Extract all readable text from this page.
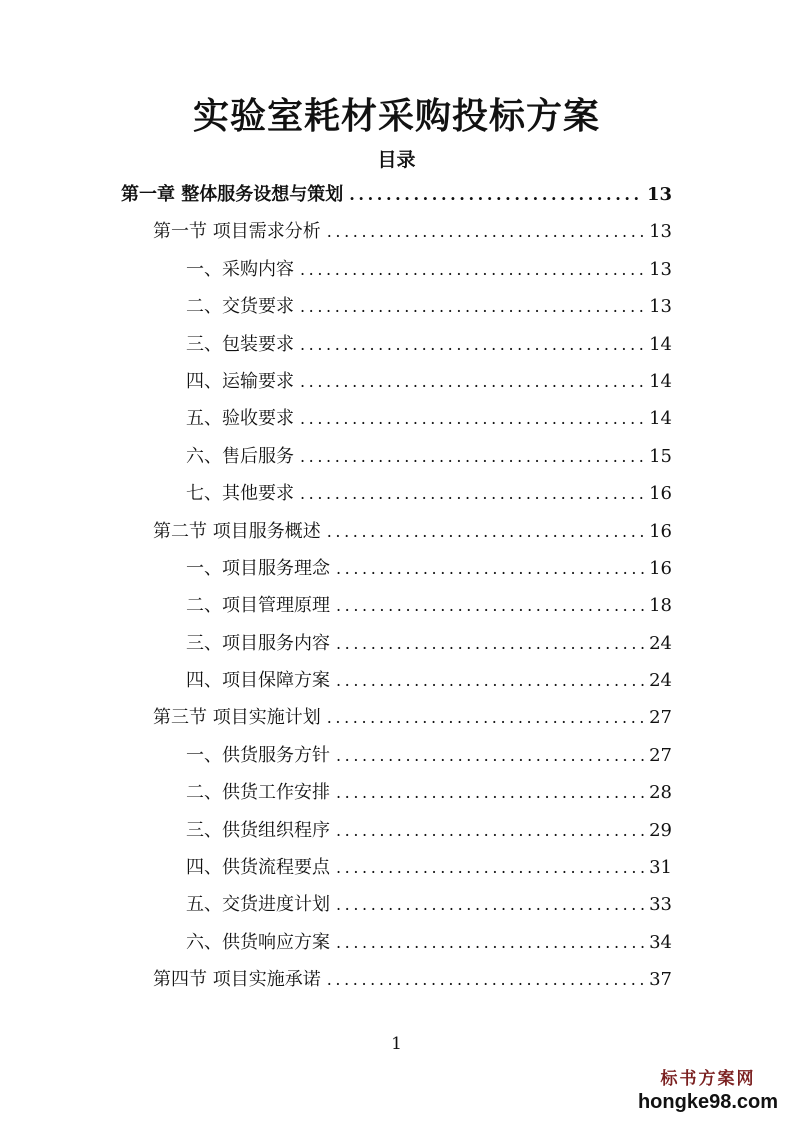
实验室耗材采购投标方案
目录
第一章 整体服务设想与策划 .....	13
第一节 项目需求分析 .....	13
一、采购内容 .....	13
二、交货要求 .....	13
三、包装要求 .....	14
四、运输要求 .....	14
五、验收要求 .....	14
六、售后服务 .....	15
七、其他要求 .....	16
第二节 项目服务概述 .....	16
一、项目服务理念 .....	16
二、项目管理原理 .....	18
三、项目服务内容 .....	24
四、项目保障方案 .....	24
第三节 项目实施计划 .....	27
一、供货服务方针 .....	27
二、供货工作安排 .....	28
三、供货组织程序 .....	29
四、供货流程要点 .....	31
五、交货进度计划 .....	33
六、供货响应方案 .....	34
第四节 项目实施承诺 .....	37
1
标书方案网
hongke98.com
